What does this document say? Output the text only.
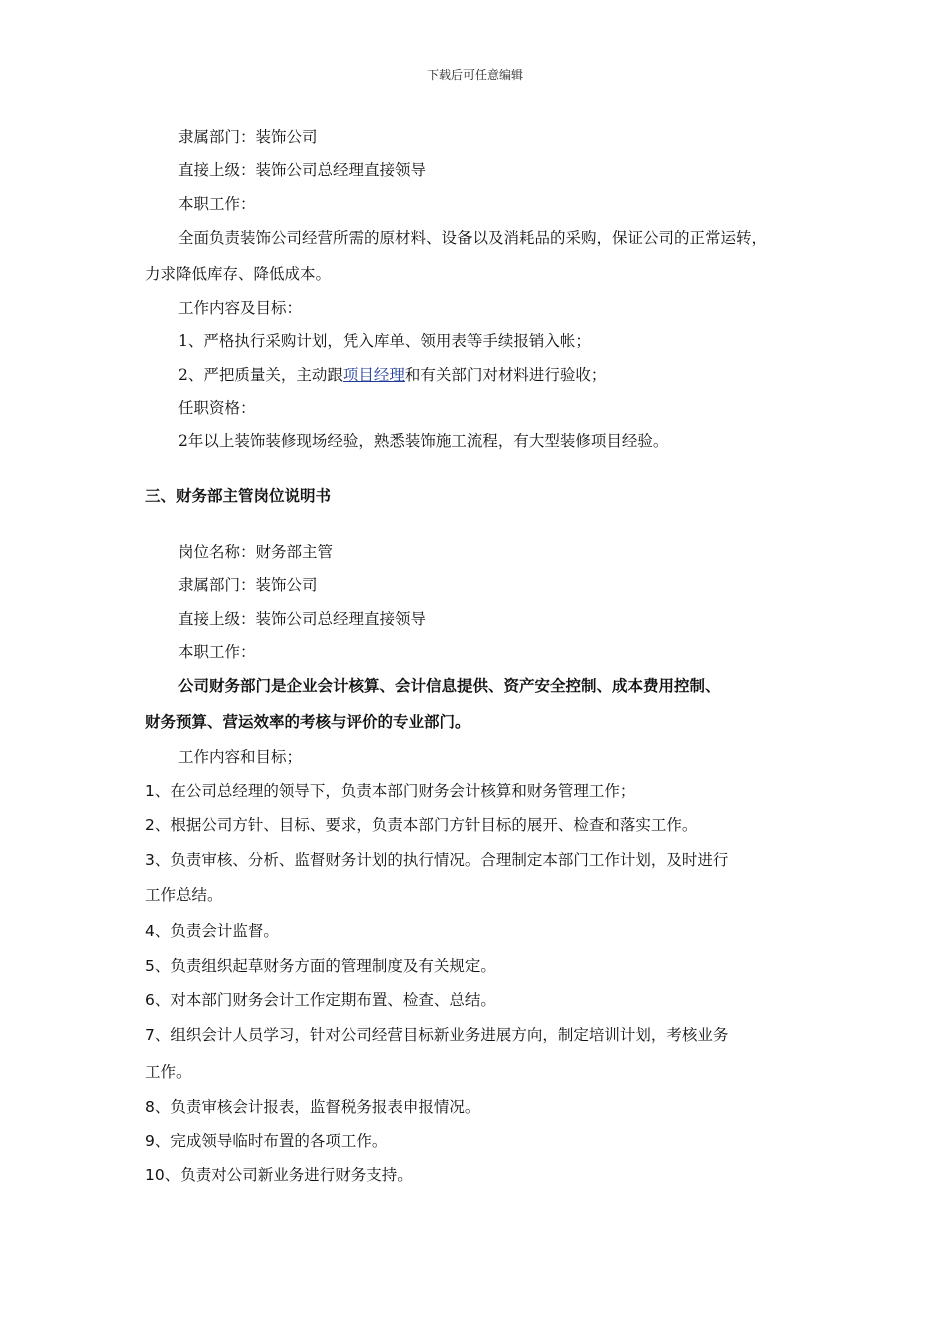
下载后可任意编辑
隶属部门：装饰公司
直接上级：装饰公司总经理直接领导
本职工作：
全面负责装饰公司经营所需的原材料、设备以及消耗品的采购，保证公司的正常运转，
力求降低库存、降低成本。
工作内容及目标：
1、严格执行采购计划，凭入库单、领用表等手续报销入帐；
2、严把质量关，主动跟项目经理和有关部门对材料进行验收；
任职资格：
2年以上装饰装修现场经验，熟悉装饰施工流程，有大型装修项目经验。
三、财务部主管岗位说明书
岗位名称：财务部主管
隶属部门：装饰公司
直接上级：装饰公司总经理直接领导
本职工作：
公司财务部门是企业会计核算、会计信息提供、资产安全控制、成本费用控制、
财务预算、营运效率的考核与评价的专业部门。
工作内容和目标；
1、在公司总经理的领导下，负责本部门财务会计核算和财务管理工作；
2、根据公司方针、目标、要求，负责本部门方针目标的展开、检查和落实工作。
3、负责审核、分析、监督财务计划的执行情况。合理制定本部门工作计划，及时进行
工作总结。
4、负责会计监督。
5、负责组织起草财务方面的管理制度及有关规定。
6、对本部门财务会计工作定期布置、检查、总结。
7、组织会计人员学习，针对公司经营目标新业务进展方向，制定培训计划，考核业务
工作。
8、负责审核会计报表，监督税务报表申报情况。
9、完成领导临时布置的各项工作。
10、负责对公司新业务进行财务支持。
